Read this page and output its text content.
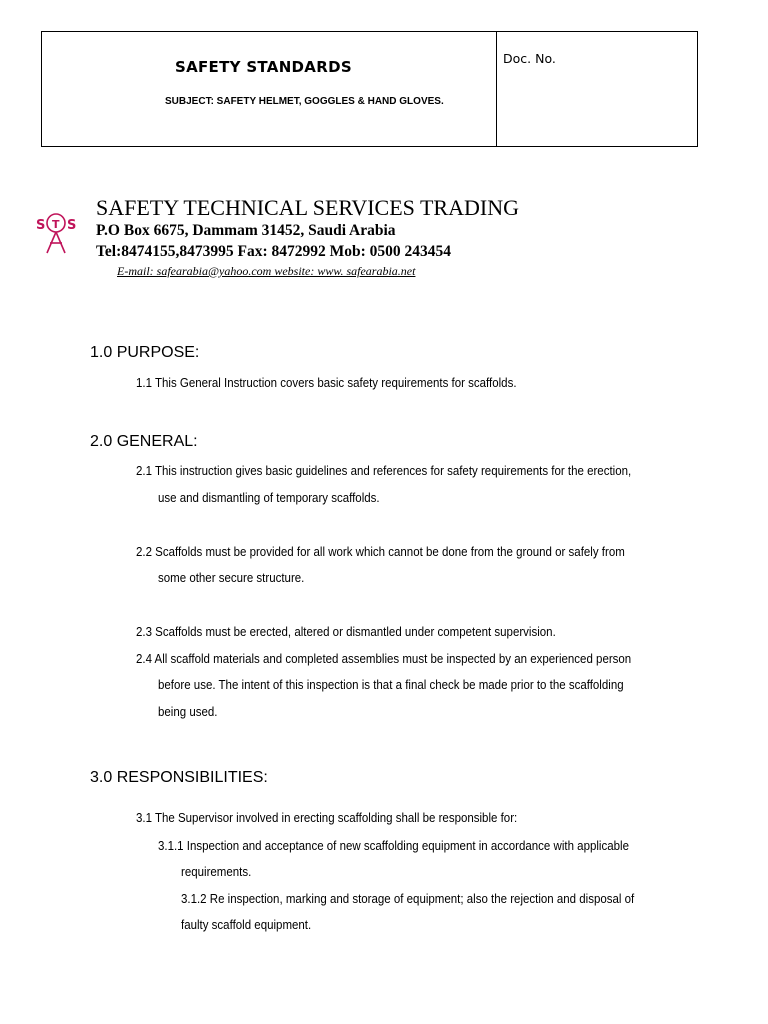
SAFETY STANDARDS
SUBJECT: SAFETY HELMET, GOGGLES & HAND GLOVES.
Doc. No.
S T S
SAFETY TECHNICAL SERVICES TRADING
P.O Box 6675, Dammam 31452, Saudi Arabia
Tel:8474155,8473995 Fax: 8472992 Mob: 0500 243454
E-mail: safearabia@yahoo.com website: www. safearabia.net
1.0 PURPOSE:
1.1 This General Instruction covers basic safety requirements for scaffolds.
2.0 GENERAL:
2.1 This instruction gives basic guidelines and references for safety requirements for the erection,
use and dismantling of temporary scaffolds.
2.2 Scaffolds must be provided for all work which cannot be done from the ground or safely from
some other secure structure.
2.3 Scaffolds must be erected, altered or dismantled under competent supervision.
2.4 All scaffold materials and completed assemblies must be inspected by an experienced person
before use. The intent of this inspection is that a final check be made prior to the scaffolding
being used.
3.0 RESPONSIBILITIES:
3.1 The Supervisor involved in erecting scaffolding shall be responsible for:
3.1.1 Inspection and acceptance of new scaffolding equipment in accordance with applicable
requirements.
3.1.2 Re inspection, marking and storage of equipment; also the rejection and disposal of
faulty scaffold equipment.
